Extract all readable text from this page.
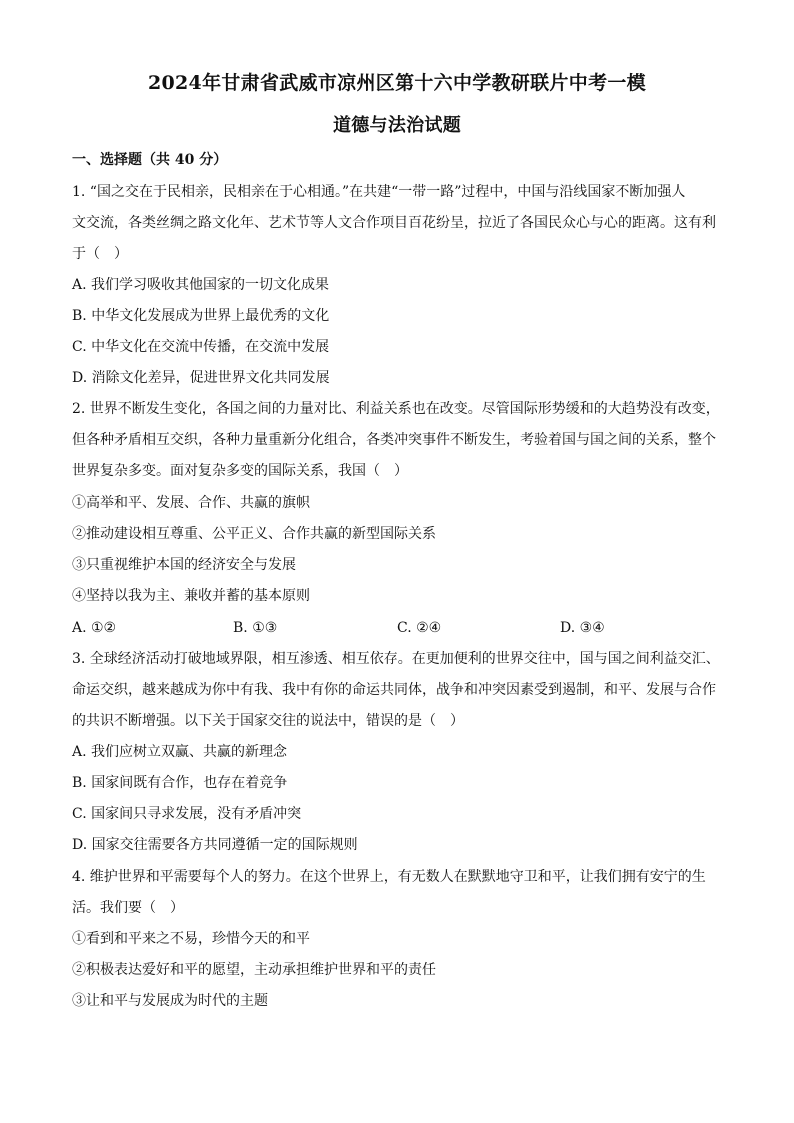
2024年甘肃省武威市凉州区第十六中学教研联片中考一模
道德与法治试题
一、选择题（共 40 分）
1. “国之交在于民相亲，民相亲在于心相通。”在共建“一带一路”过程中，中国与沿线国家不断加强人
文交流，各类丝绸之路文化年、艺术节等人文合作项目百花纷呈，拉近了各国民众心与心的距离。这有利
于（　）
A. 我们学习吸收其他国家的一切文化成果
B. 中华文化发展成为世界上最优秀的文化
C. 中华文化在交流中传播，在交流中发展
D. 消除文化差异，促进世界文化共同发展
2. 世界不断发生变化，各国之间的力量对比、利益关系也在改变。尽管国际形势缓和的大趋势没有改变，
但各种矛盾相互交织，各种力量重新分化组合，各类冲突事件不断发生，考验着国与国之间的关系，整个
世界复杂多变。面对复杂多变的国际关系，我国（　）
①高举和平、发展、合作、共赢的旗帜
②推动建设相互尊重、公平正义、合作共赢的新型国际关系
③只重视维护本国的经济安全与发展
④坚持以我为主、兼收并蓄的基本原则
A. ①②	B. ①③	C. ②④	D. ③④
3. 全球经济活动打破地域界限，相互渗透、相互依存。在更加便利的世界交往中，国与国之间利益交汇、
命运交织，越来越成为你中有我、我中有你的命运共同体，战争和冲突因素受到遏制，和平、发展与合作
的共识不断增强。以下关于国家交往的说法中，错误的是（　）
A. 我们应树立双赢、共赢的新理念
B. 国家间既有合作，也存在着竞争
C. 国家间只寻求发展，没有矛盾冲突
D. 国家交往需要各方共同遵循一定的国际规则
4. 维护世界和平需要每个人的努力。在这个世界上，有无数人在默默地守卫和平，让我们拥有安宁的生
活。我们要（　）
①看到和平来之不易，珍惜今天的和平
②积极表达爱好和平的愿望，主动承担维护世界和平的责任
③让和平与发展成为时代的主题
